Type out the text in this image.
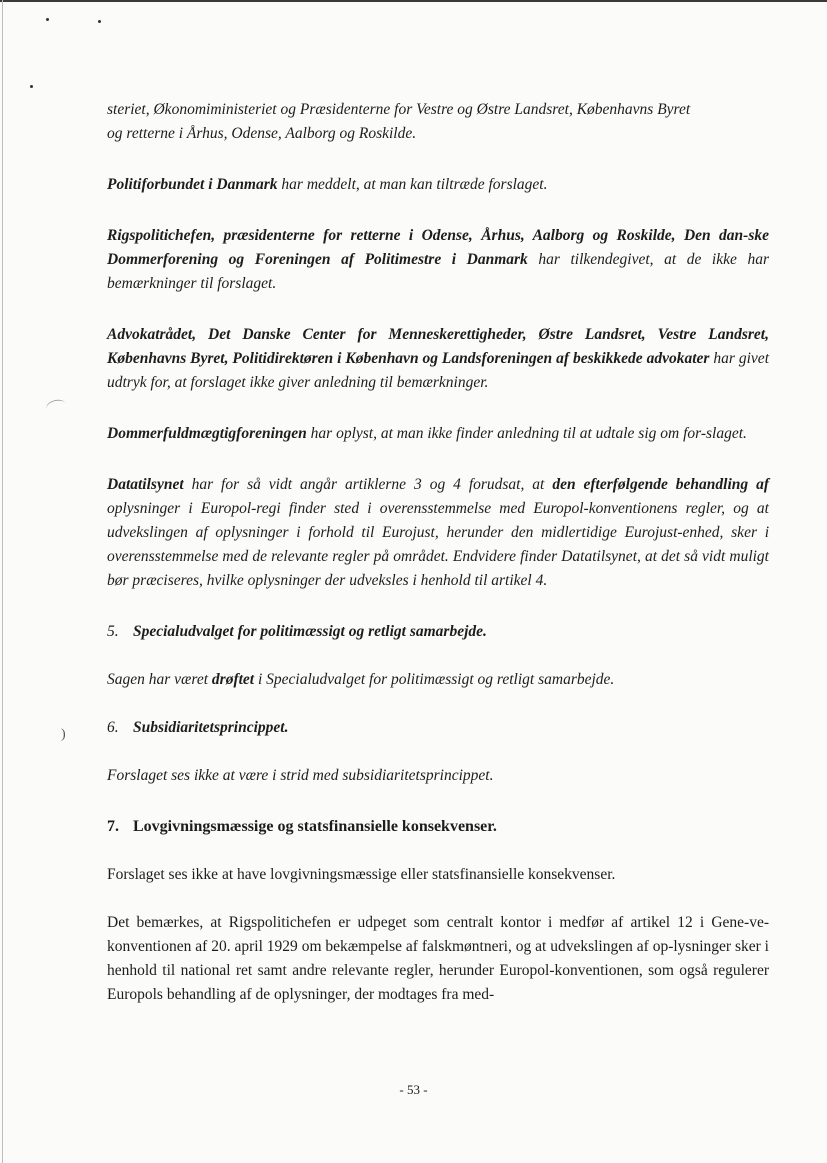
)

steriet, Økonomiministeriet og Præsidenterne for Vestre og Østre Landsret, Københavns Byret
og retterne i Århus, Odense, Aalborg og Roskilde.

Politiforbundet i Danmark har meddelt, at man kan tiltræde forslaget.

Rigspolitichefen, præsidenterne for retterne i Odense, Århus, Aalborg og Roskilde, Den dan-ske Dommerforening og Foreningen af Politimestre i Danmark har tilkendegivet, at de ikke har bemærkninger til forslaget.

Advokatrådet, Det Danske Center for Menneskerettigheder, Østre Landsret, Vestre Landsret, Københavns Byret, Politidirektøren i København og Landsforeningen af beskikkede advokater har givet udtryk for, at forslaget ikke giver anledning til bemærkninger.

Dommerfuldmægtigforeningen har oplyst, at man ikke finder anledning til at udtale sig om for-slaget.

Datatilsynet har for så vidt angår artiklerne 3 og 4 forudsat, at den efterfølgende behandling af oplysninger i Europol-regi finder sted i overensstemmelse med Europol-konventionens regler, og at udvekslingen af oplysninger i forhold til Eurojust, herunder den midlertidige Eurojust-enhed, sker i overensstemmelse med de relevante regler på området. Endvidere finder Datatilsynet, at det så vidt muligt bør præciseres, hvilke oplysninger der udveksles i henhold til artikel 4.

5. Specialudvalget for politimæssigt og retligt samarbejde.

Sagen har været drøftet i Specialudvalget for politimæssigt og retligt samarbejde.

6. Subsidiaritetsprincippet.

Forslaget ses ikke at være i strid med subsidiaritetsprincippet.

7. Lovgivningsmæssige og statsfinansielle konsekvenser.

Forslaget ses ikke at have lovgivningsmæssige eller statsfinansielle konsekvenser.

Det bemærkes, at Rigspolitichefen er udpeget som centralt kontor i medfør af artikel 12 i Gene-ve-konventionen af 20. april 1929 om bekæmpelse af falskmøntneri, og at udvekslingen af op-lysninger sker i henhold til national ret samt andre relevante regler, herunder Europol-konventionen, som også regulerer Europols behandling af de oplysninger, der modtages fra med-

- 53 -
